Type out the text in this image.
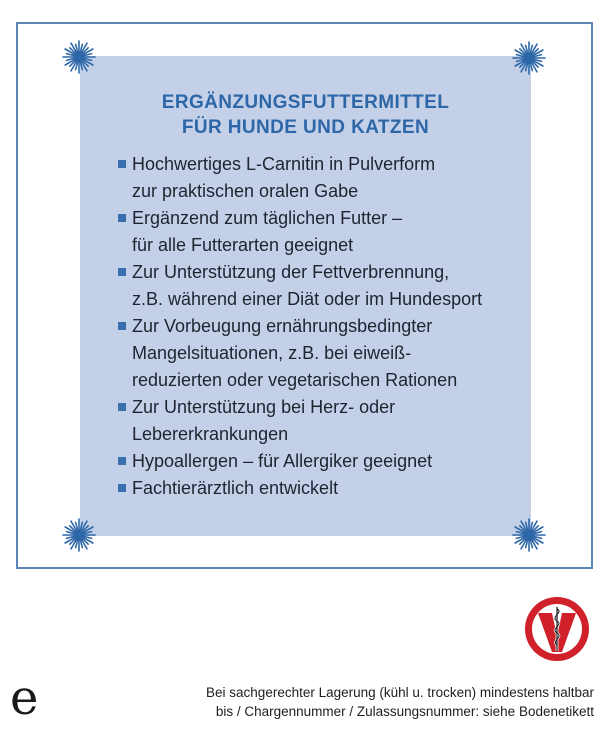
ERGÄNZUNGSFUTTERMITTEL
FÜR HUNDE UND KATZEN
Hochwertiges L-Carnitin in Pulverform
zur praktischen oralen Gabe
Ergänzend zum täglichen Futter –
für alle Futterarten geeignet
Zur Unterstützung der Fettverbrennung,
z.B. während einer Diät oder im Hundesport
Zur Vorbeugung ernährungsbedingter
Mangelsituationen, z.B. bei eiweiß-
reduzierten oder vegetarischen Rationen
Zur Unterstützung bei Herz- oder
Lebererkrankungen
Hypoallergen – für Allergiker geeignet
Fachtierärztlich entwickelt
e	Bei sachgerechter Lagerung (kühl u. trocken) mindestens haltbar
bis / Chargennummer / Zulassungsnummer: siehe Bodenetikett
